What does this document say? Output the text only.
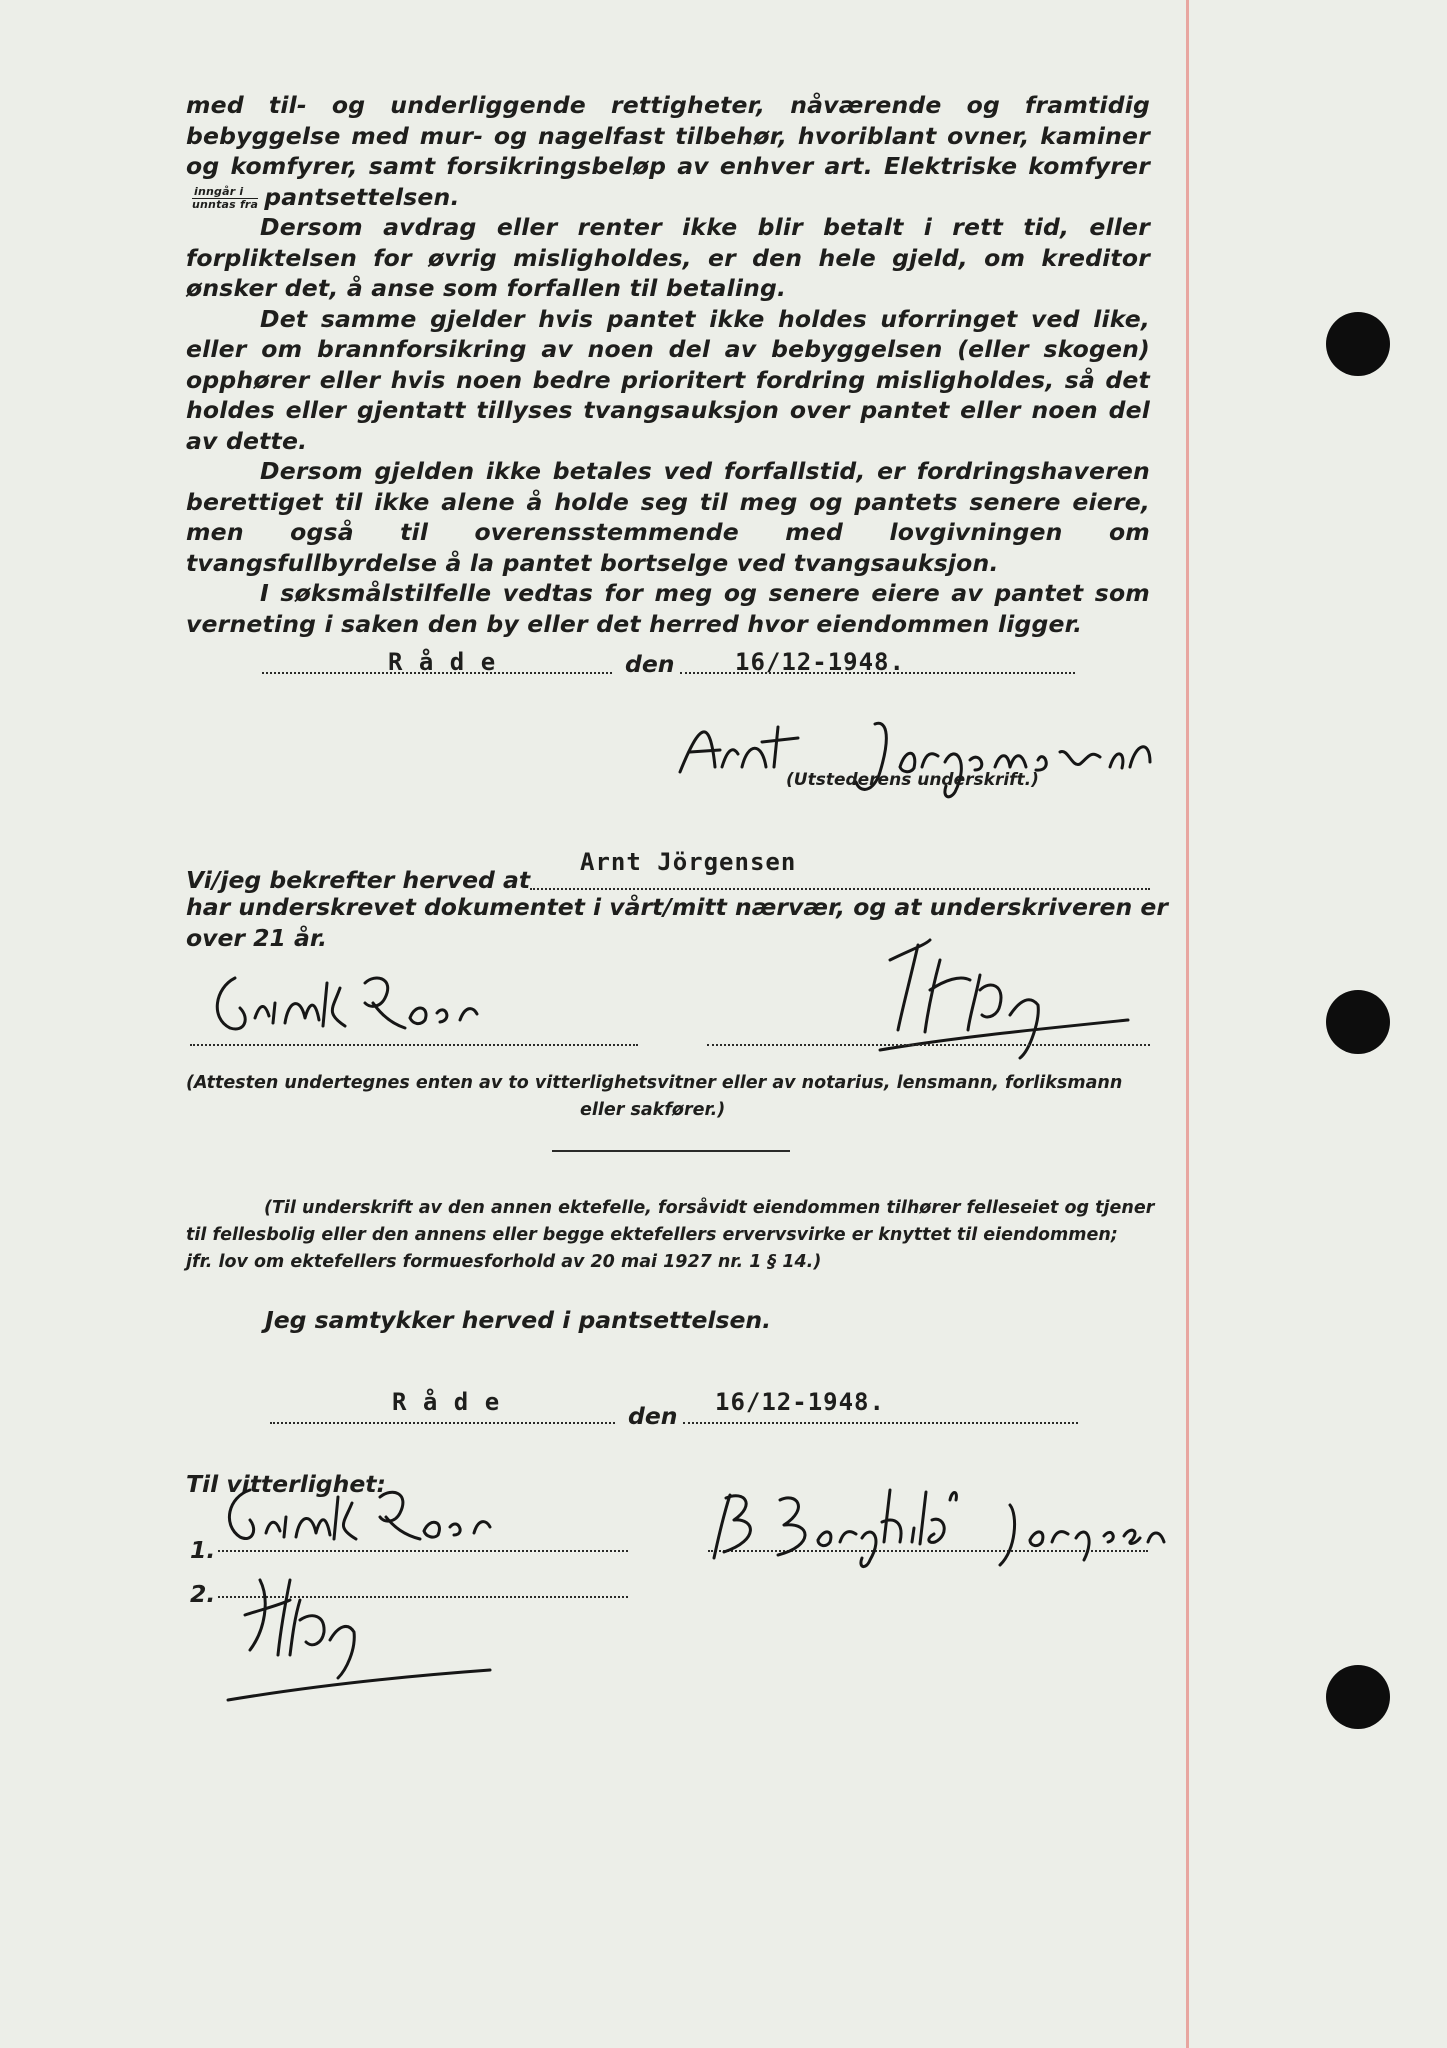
med til- og underliggende rettigheter, nåværende og framtidig bebyggelse med mur- og nagelfast tilbehør, hvoriblant ovner, kaminer og komfyrer, samt forsikringsbeløp av enhver art. Elektriske komfyrer
$\frac{\text{inngår i}}{\text{unntas fra}}$ pantsettelsen.

Dersom avdrag eller renter ikke blir betalt i rett tid, eller forpliktelsen for øvrig misligholdes, er den hele gjeld, om kreditor ønsker det, å anse som forfallen til betaling.

Det samme gjelder hvis pantet ikke holdes uforringet ved like, eller om brannforsikring av noen del av bebyggelsen (eller skogen) opphører eller hvis noen bedre prioritert fordring misligholdes, så det holdes eller gjentatt tillyses tvangsauksjon over pantet eller noen del av dette.

Dersom gjelden ikke betales ved forfallstid, er fordringshaveren berettiget til ikke alene å holde seg til meg og pantets senere eiere, men også til overensstemmende med lovgivningen om tvangsfullbyrdelse å la pantet bortselge ved tvangsauksjon.

I søksmålstilfelle vedtas for meg og senere eiere av pantet som verneting i saken den by eller det herred hvor eiendommen ligger.

R å d e	den	16/12-1948.
(Utstederens underskrift.)
Vi/jeg bekrefter herved at
Arnt Jörgensen
har underskrevet dokumentet i vårt/mitt nærvær, og at underskriveren er
over 21 år.
(Attesten undertegnes enten av to vitterlighetsvitner eller av notarius, lensmann, forliksmann
eller sakfører.)
(Til underskrift av den annen ektefelle, forsåvidt eiendommen tilhører felleseiet og tjener
til fellesbolig eller den annens eller begge ektefellers ervervsvirke er knyttet til eiendommen;
jfr. lov om ektefellers formuesforhold av 20 mai 1927 nr. 1 § 14.)
Jeg samtykker herved i pantsettelsen.
R å d e	den 16/12-1948.
Til vitterlighet:
1.
2.
